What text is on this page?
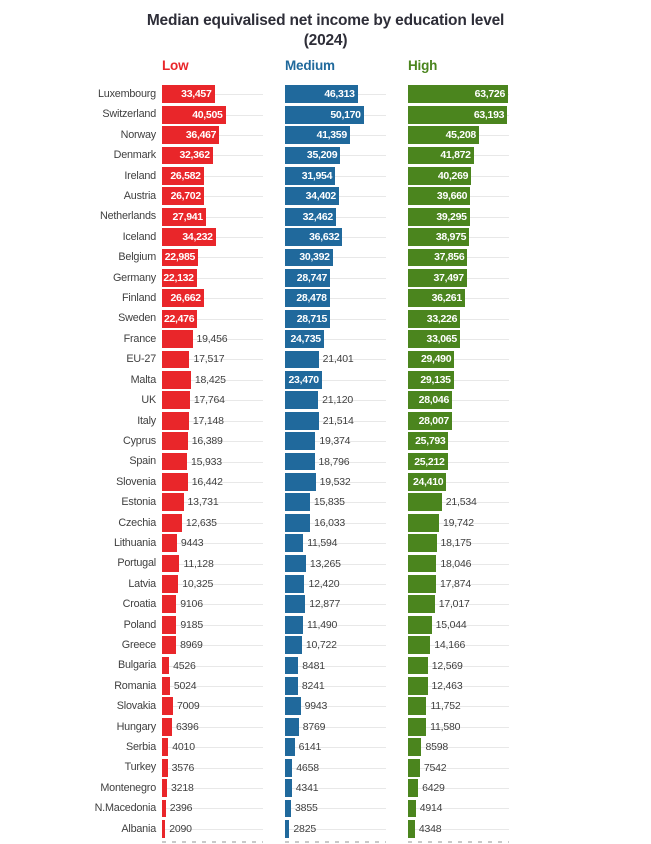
Median equivalised net income by education level
(2024)
Low	Medium	High
Luxembourg	33,457	46,313	63,726
Switzerland	40,505	50,170	63,193
Norway	36,467	41,359	45,208
Denmark	32,362	35,209	41,872
Ireland	26,582	31,954	40,269
Austria	26,702	34,402	39,660
Netherlands	27,941	32,462	39,295
Iceland	34,232	36,632	38,975
Belgium 22,985	30,392	37,856
Germany 22,132	28,747	37,497
Finland	26,662	28,478	36,261
Sweden 22,476	28,715	33,226
France	19,456	24,735	33,065
EU-27	17,517	21,401	29,490
Malta	18,425	23,470	29,135
UK	17,764	21,120	28,046
Italy	17,148	21,514	28,007
Cyprus	16,389	19,374	25,793
Spain	15,933	18,796	25,212
Slovenia	16,442	19,532	24,410
Estonia	13,731	15,835	21,534
Czechia	12,635	16,033	19,742
Lithuania	9443	11,594	18,175
Portugal	11,128	13,265	18,046
Latvia	10,325	12,420	17,874
Croatia	9106	12,877	17,017
Poland	9185	11,490	15,044
Greece	8969	10,722	14,166
Bulgaria	4526	8481	12,569
Romania	5024	8241	12,463
Slovakia	7009	9943	11,752
Hungary	6396	8769	11,580
Serbia	4010	6141	8598
Turkey	3576	4658	7542
Montenegro	3218	4341	6429
N.Macedonia	2396	3855	4914
Albania	2090	2825	4348
